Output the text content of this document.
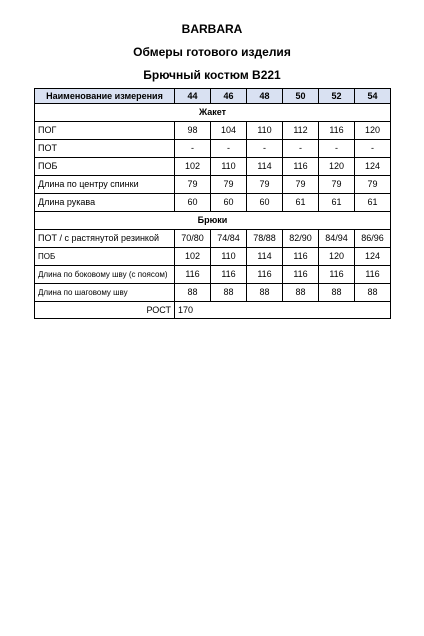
BARBARA
Обмеры готового изделия
Брючный костюм B221
Наименование измерения	44	46	48	50	52	54
Жакет						
ПОГ	98	104	110	112	116	120
ПОТ	-	-	-	-	-	-
ПОБ	102	110	114	116	120	124
Длина по центру спинки	79	79	79	79	79	79
Длина рукава	60	60	60	61	61	61
Брюки						
ПОТ / с растянутой резинкой	70/80	74/84	78/88	82/90	84/94	86/96
ПОБ	102	110	114	116	120	124
Длина по боковому шву (с поясом)	116	116	116	116	116	116
Длина по шаговому шву	88	88	88	88	88	88
РОСТ	170					
